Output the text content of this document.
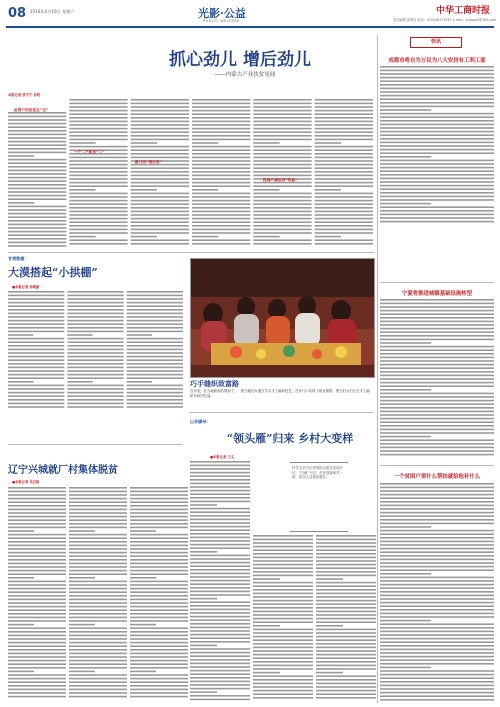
08 2016年4月16日 星期六	光影·公益
PUBLIC WELFARE
中华工商时报
责任编辑 邵维钰 电话：(010)58179767 E-mail：zhgsbsh@163.com
抓心劲儿 增后劲儿
——内蒙古产业扶贫见闻
本报记者 张宇宁 李明
贫困户的担忧在“走”
一产二产能加“三”
新门改“增后劲”
投调户减贫成“效益”
甘肃敦煌：
大漠搭起“小拱棚”
■本报记者 孙晓丽
辽宁兴城就厂村集体脱贫
■本报记者 吴汉桢
巧手缝织致富路
近年来，在当地政府的帮助下，一批当地妇女通过学习手工编织技艺，在家门口实现了就业增收。图为妇女们正在手工编织车间内忙碌。
山东滕州：
“领头雁”归来 乡村大变样
■本报记者 王文
村党支部书记带领群众建设美丽乡村，“归雁”兴村，村里面貌焕然一新，群众生活越来越好。
快讯
成都市将自为万民为八大安居有工利工部
宁夏将推进城镇基础设施转型
一个贫困户要什么帮扶就给他补什么
